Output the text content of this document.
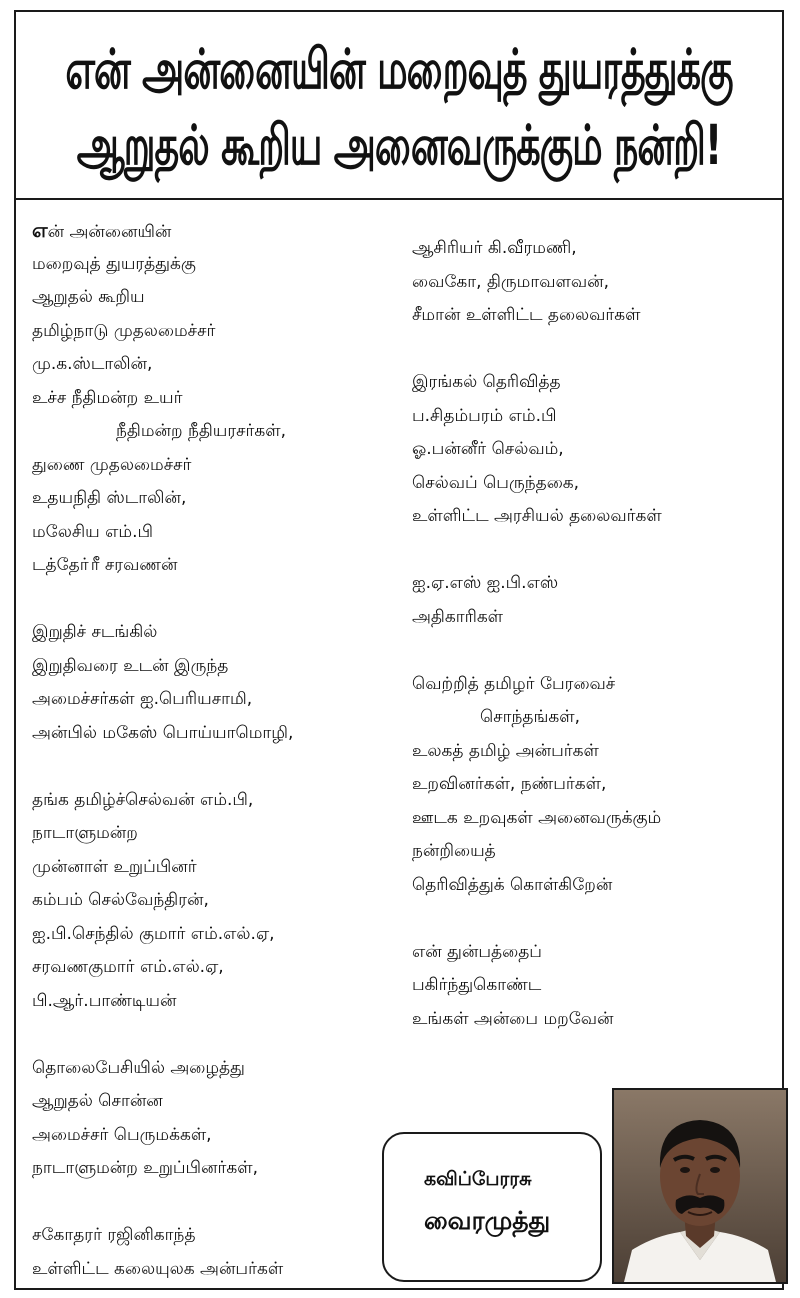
என் அன்னையின் மறைவுத் துயரத்துக்கு
ஆறுதல் கூறிய அனைவருக்கும் நன்றி!
என் அன்னையின்
மறைவுத் துயரத்துக்கு
ஆறுதல் கூறிய
தமிழ்நாடு முதலமைச்சர்
மு.க.ஸ்டாலின்,
உச்ச நீதிமன்ற உயர்
நீதிமன்ற நீதியரசர்கள்,
துணை முதலமைச்சர்
உதயநிதி ஸ்டாலின்,
மலேசிய எம்.பி
டத்தோ்ரீ சரவணன்
இறுதிச் சடங்கில்
இறுதிவரை உடன் இருந்த
அமைச்சர்கள் ஐ.பெரியசாமி,
அன்பில் மகேஸ் பொய்யாமொழி,
தங்க தமிழ்ச்செல்வன் எம்.பி,
நாடாளுமன்ற
முன்னாள் உறுப்பினர்
கம்பம் செல்வேந்திரன்,
ஐ.பி.செந்தில் குமார் எம்.எல்.ஏ,
சரவணகுமார் எம்.எல்.ஏ,
பி.ஆர்.பாண்டியன்
தொலைபேசியில் அழைத்து
ஆறுதல் சொன்ன
அமைச்சர் பெருமக்கள்,
நாடாளுமன்ற உறுப்பினர்கள்,
சகோதரர் ரஜினிகாந்த்
உள்ளிட்ட கலையுலக அன்பர்கள்
ஆசிரியர் கி.வீரமணி,
வைகோ, திருமாவளவன்,
சீமான் உள்ளிட்ட தலைவர்கள்
இரங்கல் தெரிவித்த
ப.சிதம்பரம் எம்.பி
ஓ.பன்னீர் செல்வம்,
செல்வப் பெருந்தகை,
உள்ளிட்ட அரசியல் தலைவர்கள்
ஐ.ஏ.எஸ் ஐ.பி.எஸ்
அதிகாரிகள்
வெற்றித் தமிழர் பேரவைச்
சொந்தங்கள்,
உலகத் தமிழ் அன்பர்கள்
உறவினர்கள், நண்பர்கள்,
ஊடக உறவுகள் அனைவருக்கும்
நன்றியைத்
தெரிவித்துக் கொள்கிறேன்
என் துன்பத்தைப்
பகிர்ந்துகொண்ட
உங்கள் அன்பை மறவேன்
கவிப்பேரரசு
வைரமுத்து
